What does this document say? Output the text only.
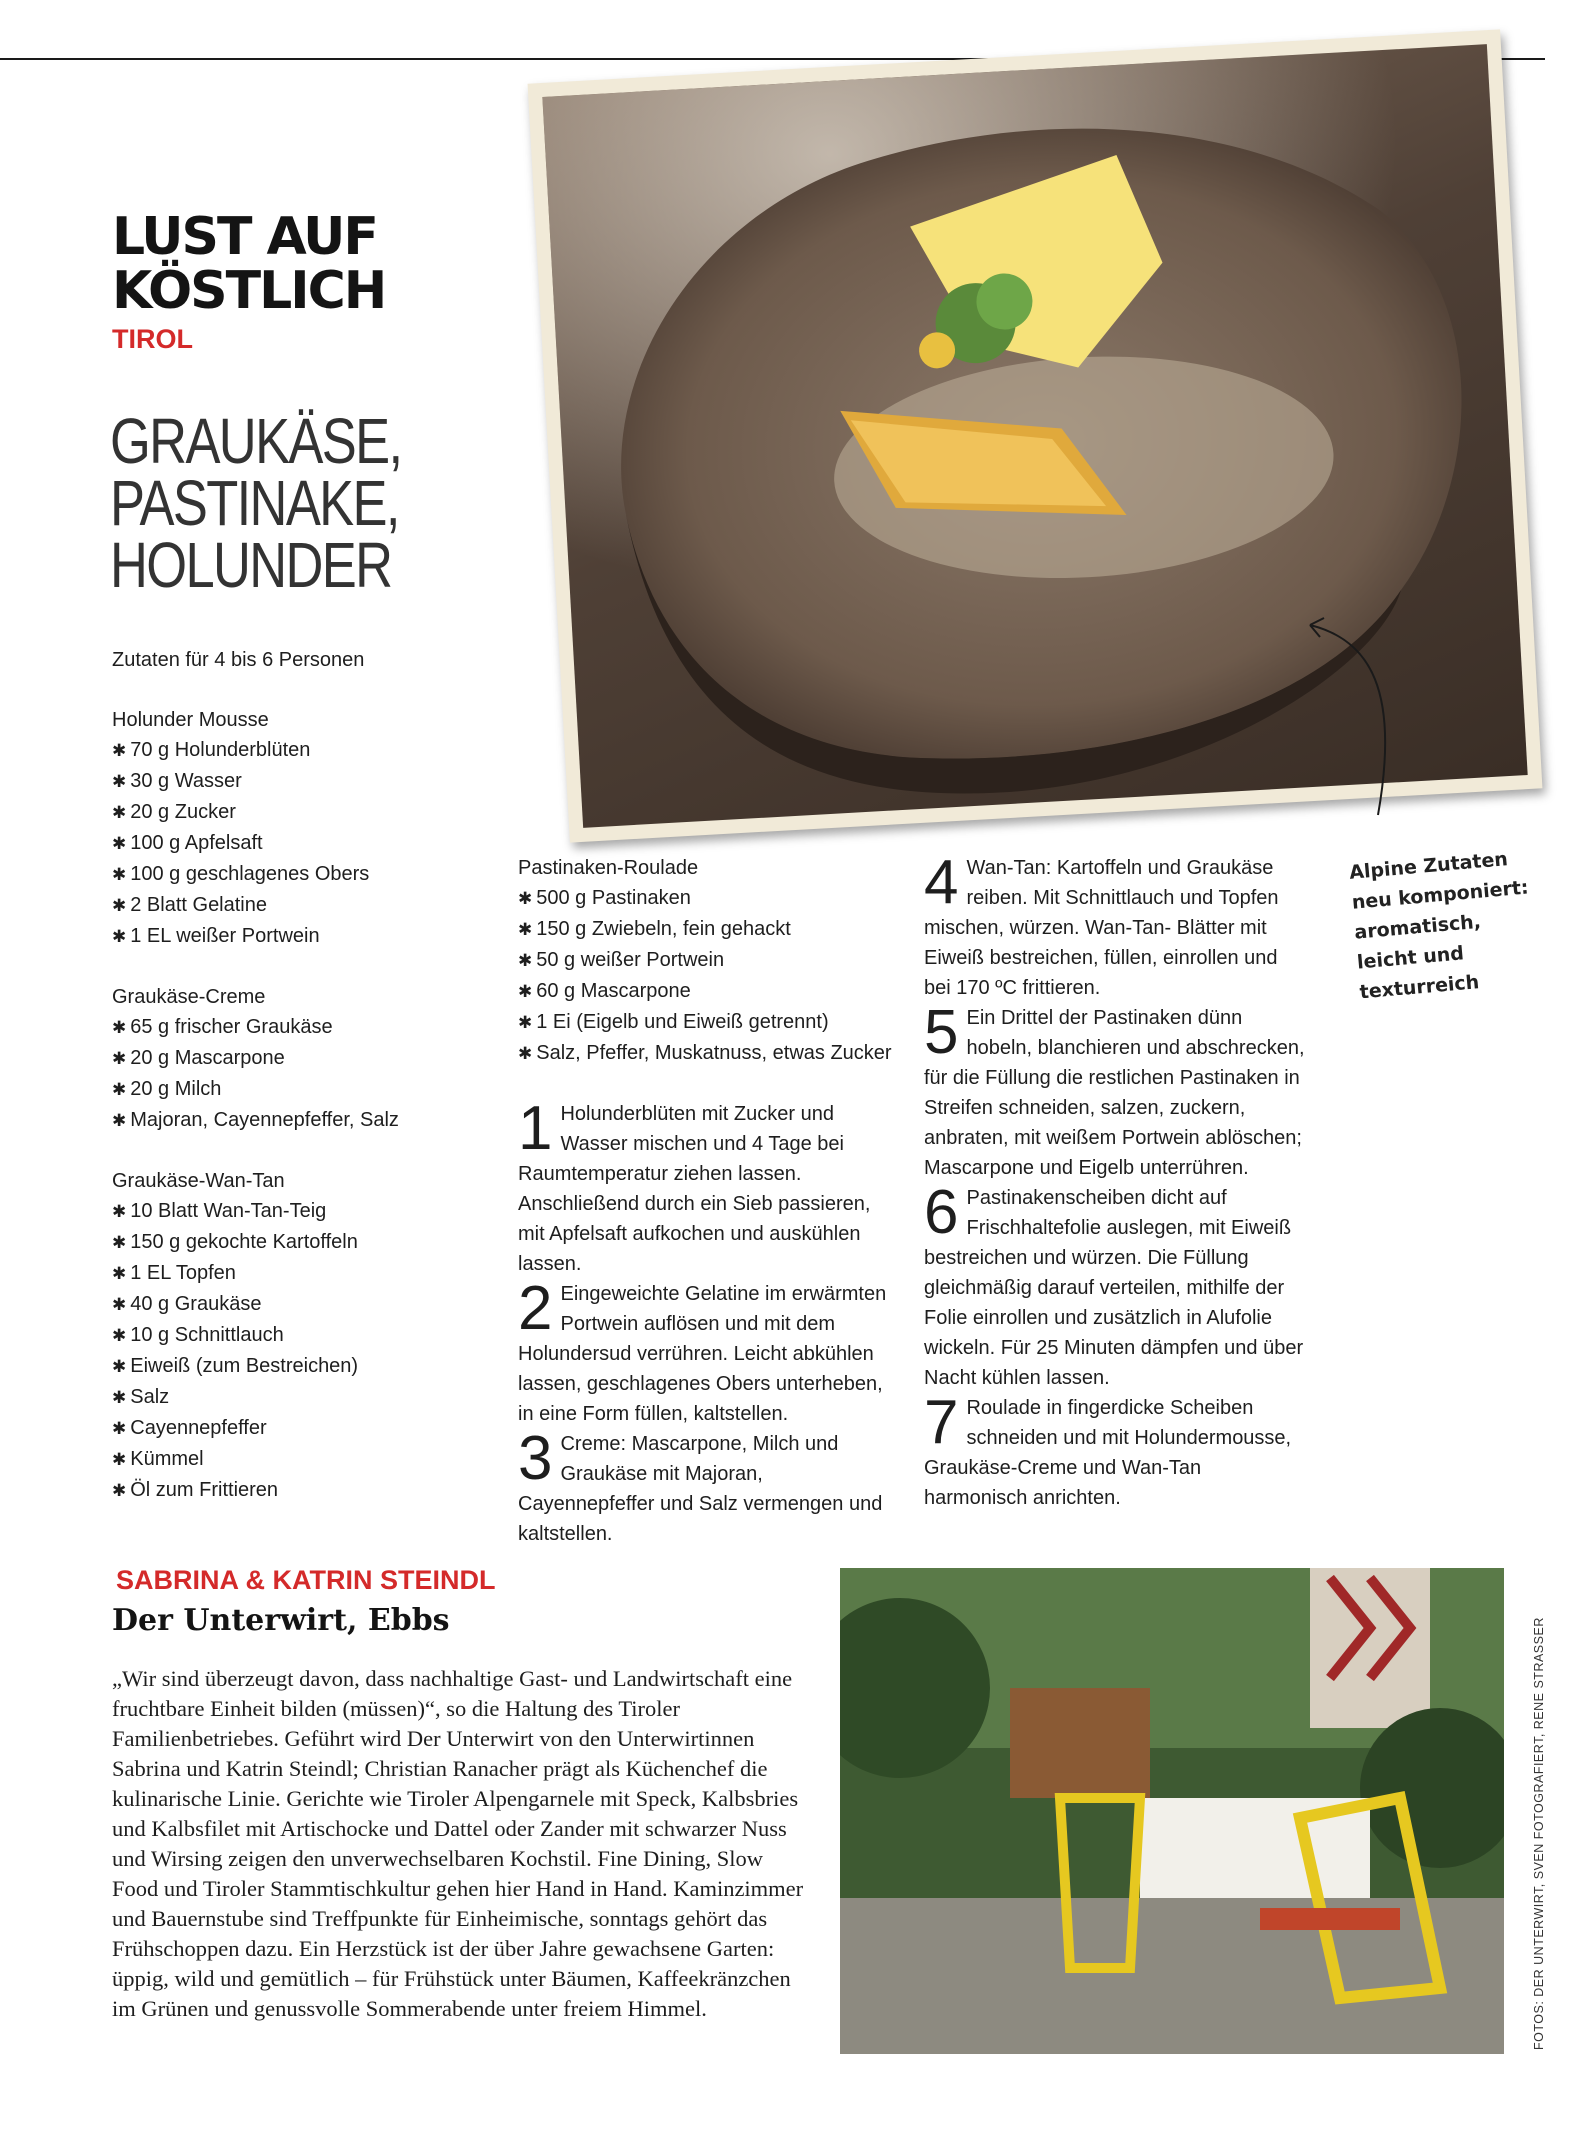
LUST AUF
KÖSTLICH
TIROL
GRAUKÄSE,
PASTINAKE,
HOLUNDER
Alpine Zutaten
neu komponiert:
aromatisch,
leicht und
texturreich

Zutaten für 4 bis 6 Personen

Holunder Mousse

✱ 70 g Holunderblüten
✱ 30 g Wasser
✱ 20 g Zucker
✱ 100 g Apfelsaft
✱ 100 g geschlagenes Obers
✱ 2 Blatt Gelatine
✱ 1 EL weißer Portwein

Graukäse-Creme

✱ 65 g frischer Graukäse
✱ 20 g Mascarpone
✱ 20 g Milch
✱ Majoran, Cayennepfeffer, Salz

Graukäse-Wan-Tan

✱ 10 Blatt Wan-Tan-Teig
✱ 150 g gekochte Kartoffeln
✱ 1 EL Topfen
✱ 40 g Graukäse
✱ 10 g Schnittlauch
✱ Eiweiß (zum Bestreichen)
✱ Salz
✱ Cayennepfeffer
✱ Kümmel
✱ Öl zum Frittieren

Pastinaken-Roulade

✱ 500 g Pastinaken
✱ 150 g Zwiebeln, fein gehackt
✱ 50 g weißer Portwein
✱ 60 g Mascarpone
✱ 1 Ei (Eigelb und Eiweiß getrennt)
✱ Salz, Pfeffer, Muskatnuss, etwas Zucker
1 Holunderblüten mit Zucker und Wasser mischen und 4 Tage bei Raumtemperatur ziehen lassen. Anschließend durch ein Sieb passieren, mit Apfelsaft aufkochen und auskühlen lassen.

2 Eingeweichte Gelatine im erwärmten Portwein auflösen und mit dem Holundersud verrühren. Leicht abkühlen lassen, geschlagenes Obers unterheben, in eine Form füllen, kaltstellen.

3 Creme: Mascarpone, Milch und Graukäse mit Majoran, Cayennepfeffer und Salz vermengen und kaltstellen.

4 Wan-Tan: Kartoffeln und Graukäse reiben. Mit Schnittlauch und Topfen mischen, würzen. Wan-Tan- Blätter mit Eiweiß bestreichen, füllen, einrollen und bei 170 ºC frittieren.

5 Ein Drittel der Pastinaken dünn hobeln, blanchieren und abschrecken, für die Füllung die restlichen Pastinaken in Streifen schneiden, salzen, zuckern, anbraten, mit weißem Portwein ablöschen; Mascarpone und Eigelb unterrühren.

6 Pastinakenscheiben dicht auf Frischhaltefolie auslegen, mit Eiweiß bestreichen und würzen. Die Füllung gleichmäßig darauf verteilen, mithilfe der Folie einrollen und zusätzlich in Alufolie wickeln. Für 25 Minuten dämpfen und über Nacht kühlen lassen.

7 Roulade in fingerdicke Scheiben schneiden und mit Holundermousse, Graukäse-Creme und Wan-Tan harmonisch anrichten.

SABRINA & KATRIN STEINDL
Der Unterwirt, Ebbs

„Wir sind überzeugt davon, dass nachhaltige Gast- und Landwirtschaft eine fruchtbare Einheit bilden (müssen)“, so die Haltung des Tiroler Familienbetriebes. Geführt wird Der Unterwirt von den Unterwirtinnen Sabrina und Katrin Steindl; Christian Ranacher prägt als Küchenchef die kulinarische Linie. Gerichte wie Tiroler Alpengarnele mit Speck, Kalbsbries und Kalbsfilet mit Artischocke und Dattel oder Zander mit schwarzer Nuss und Wirsing zeigen den unverwechselbaren Kochstil. Fine Dining, Slow Food und Tiroler Stammtischkultur gehen hier Hand in Hand. Kaminzimmer und Bauernstube sind Treffpunkte für Einheimische, sonntags gehört das Frühschoppen dazu. Ein Herzstück ist der über Jahre gewachsene Garten: üppig, wild und gemütlich – für Frühstück unter Bäumen, Kaffeekränzchen im Grünen und genussvolle Sommerabende unter freiem Himmel.	FOTOS: DER UNTERWIRT, SVEN FOTOGRAFIERT, RENE STRASSER
